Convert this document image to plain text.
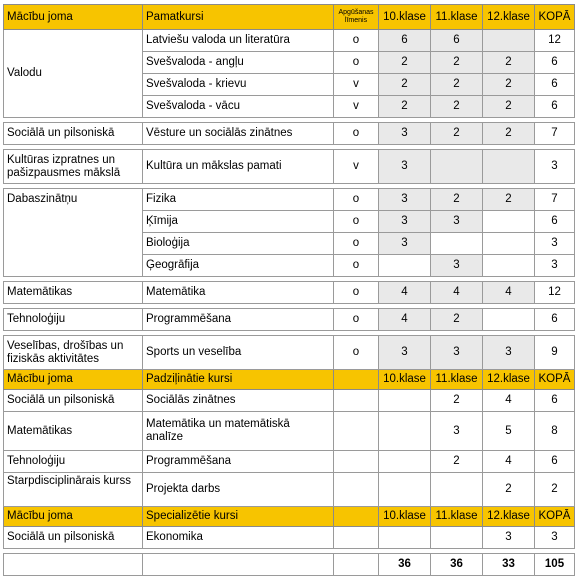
Mācību joma	Pamatkursi	Apgūšanas līmenis	10.klase	11.klase	12.klase	KOPĀ
Valodu	Latviešu valoda un literatūra	o	6	6		12
	Svešvaloda - angļu	o	2	2	2	6
	Svešvaloda - krievu	v	2	2	2	6
	Svešvaloda - vācu	v	2	2	2	6

Sociālā un pilsoniskā	Vēsture un sociālās zinātnes	o	3	2	2	7

Kultūras izpratnes un pašizpausmes mākslā	Kultūra un mākslas pamati	v	3			3

Dabaszinātņu	Fizika	o	3	2	2	7
	Ķīmija	o	3	3		6
	Bioloģija	o	3			3
	Ģeogrāfija	o		3		3

Matemātikas	Matemātika	o	4	4	4	12

Tehnoloģiju	Programmēšana	o	4	2		6

Veselības, drošības un fiziskās aktivitātes	Sports un veselība	o	3	3	3	9
Mācību joma	Padziļinātie kursi		10.klase	11.klase	12.klase	KOPĀ
Sociālā un pilsoniskā	Sociālās zinātnes			2	4	6
Matemātikas	Matemātika un matemātiskā analīze			3	5	8
Tehnoloģiju	Programmēšana			2	4	6
Starpdisciplinārais kurss	Projekta darbs				2	2
Mācību joma	Specializētie kursi		10.klase	11.klase	12.klase	KOPĀ
Sociālā un pilsoniskā	Ekonomika				3	3

			36	36	33	105
